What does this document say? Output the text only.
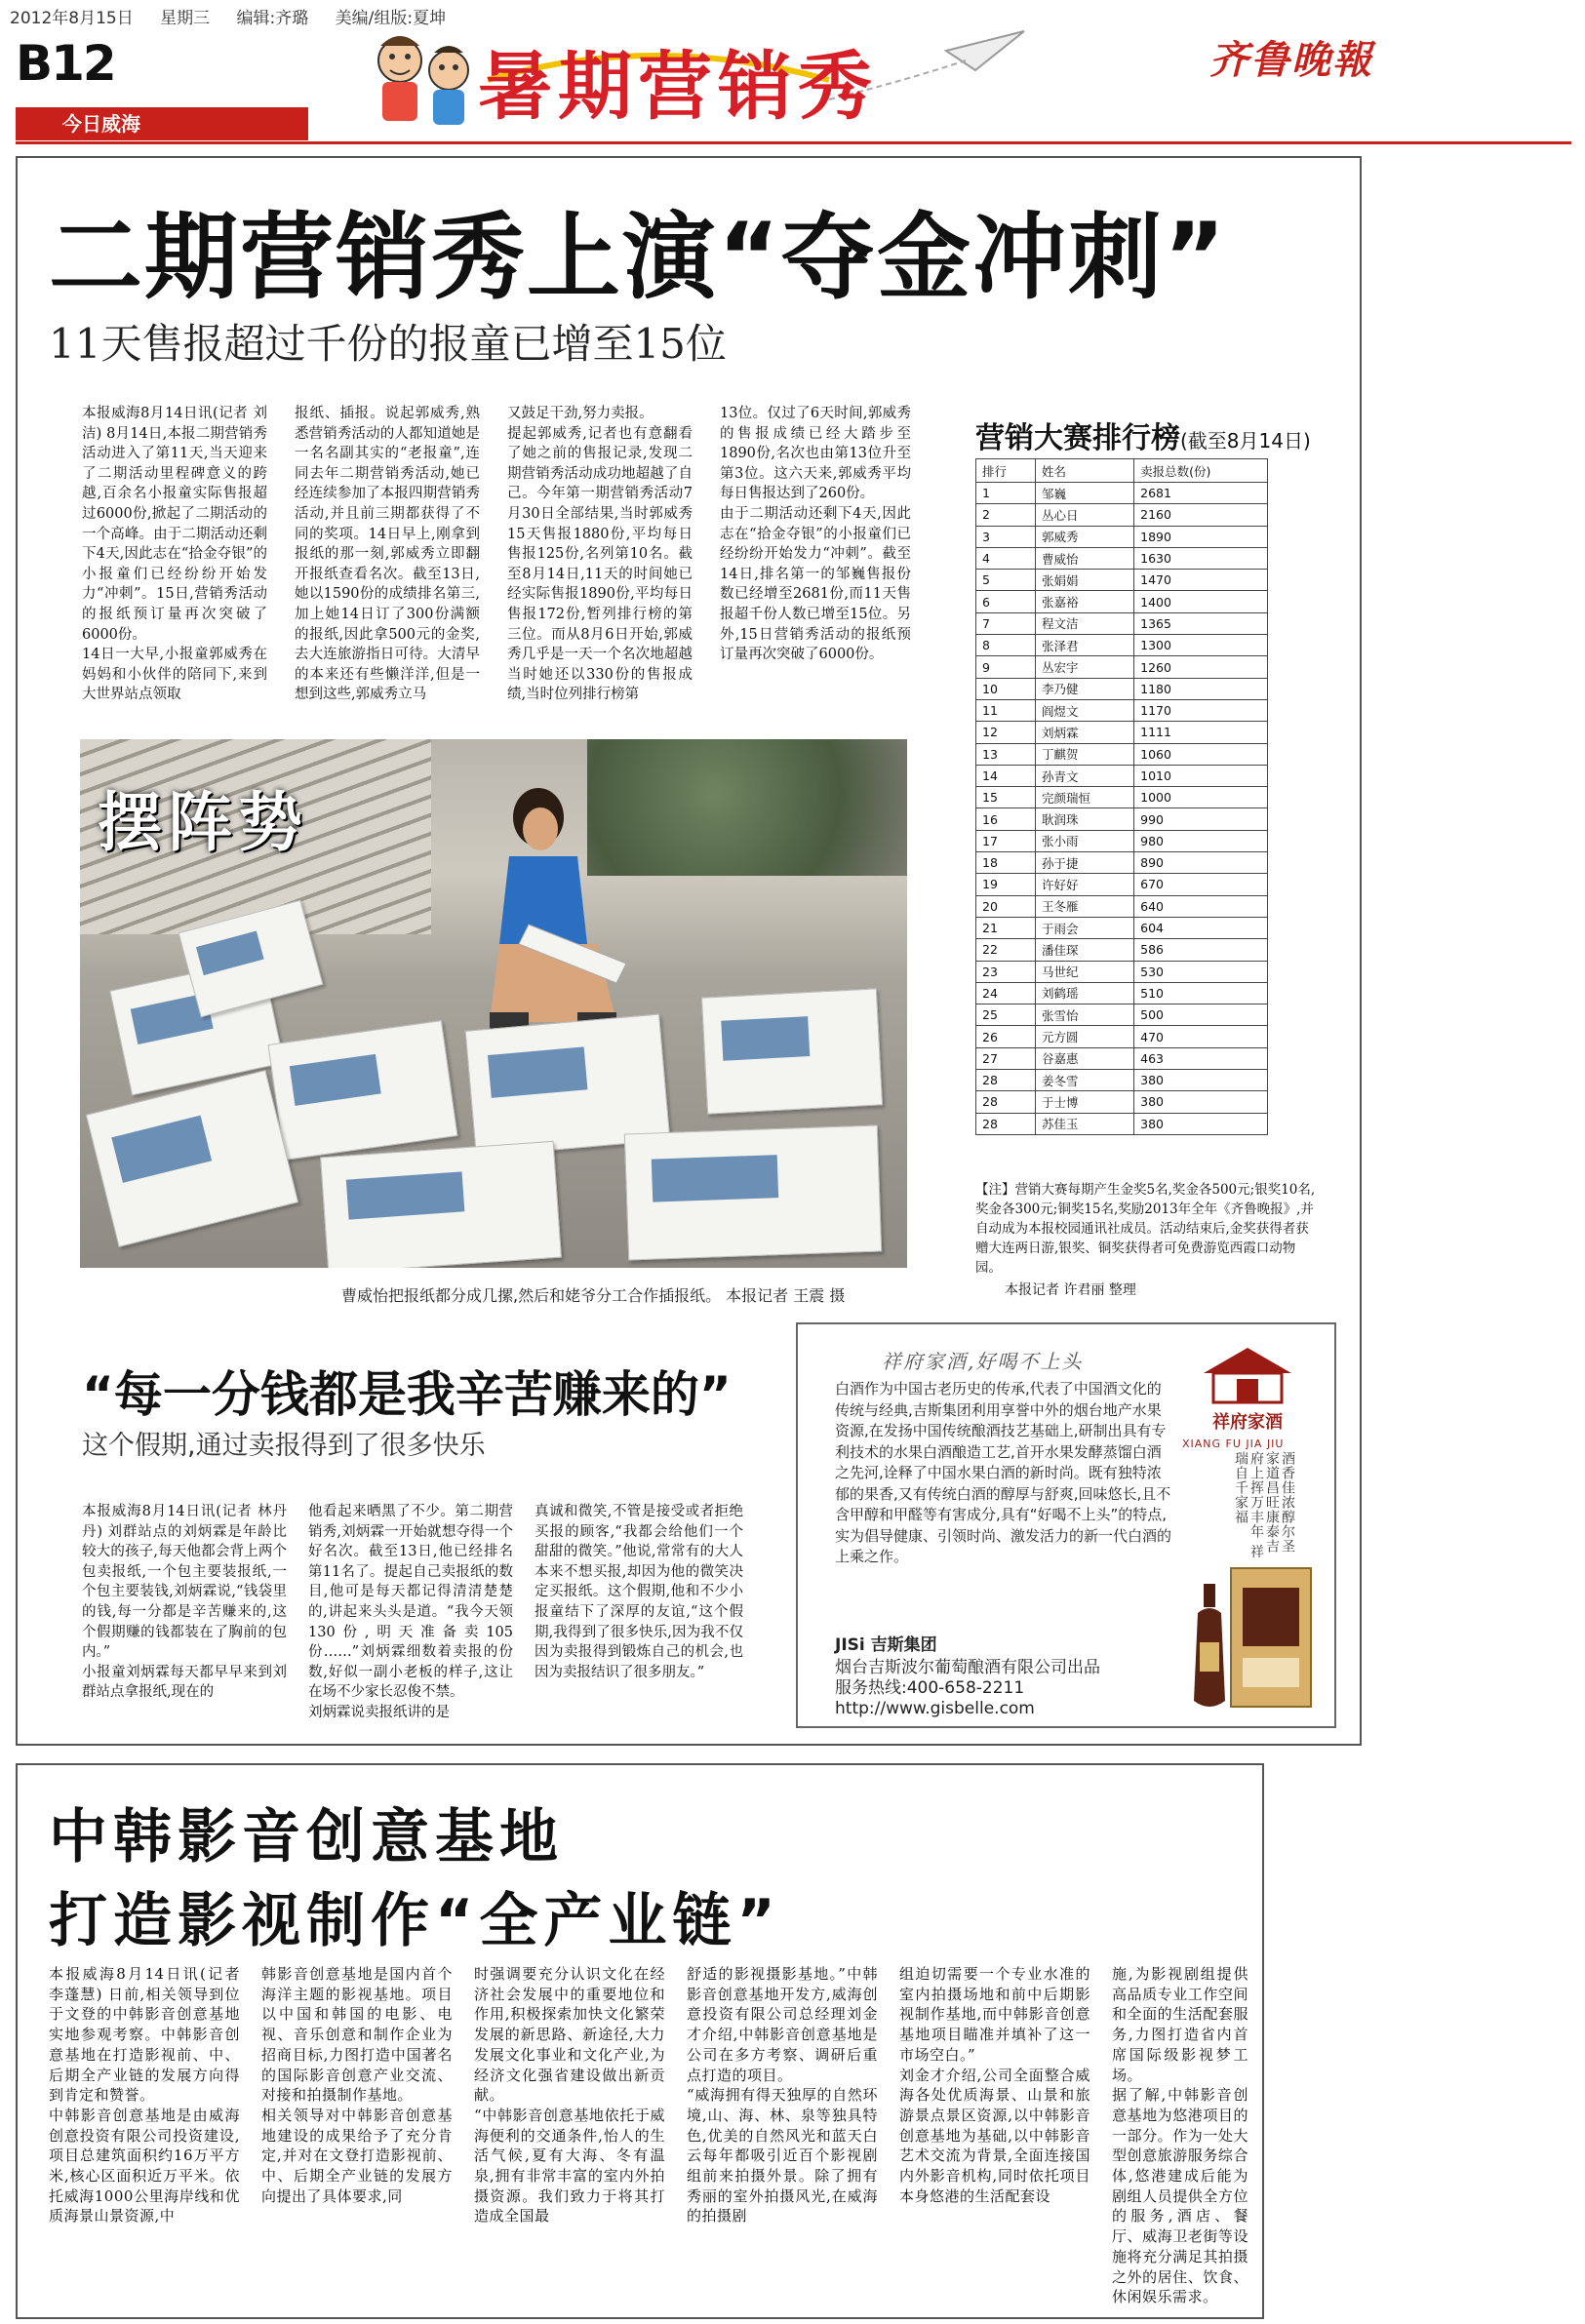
2012年8月15日 星期三 编辑:齐璐 美编/组版:夏坤
B12
今日威海	暑期营销秀	齐鲁晚報
二期营销秀上演“夺金冲刺”
11天售报超过千份的报童已增至15位
本报威海8月14日讯(记者 刘洁) 8月14日,本报二期营销秀活动进入了第11天,当天迎来了二期活动里程碑意义的跨越,百余名小报童实际售报超过6000份,掀起了二期活动的一个高峰。由于二期活动还剩下4天,因此志在“拾金夺银”的小报童们已经纷纷开始发力“冲刺”。15日,营销秀活动的报纸预订量再次突破了6000份。
14日一大早,小报童郭威秀在妈妈和小伙伴的陪同下,来到大世界站点领取
报纸、插报。说起郭威秀,熟悉营销秀活动的人都知道她是一名名副其实的“老报童”,连同去年二期营销秀活动,她已经连续参加了本报四期营销秀活动,并且前三期都获得了不同的奖项。14日早上,刚拿到报纸的那一刻,郭威秀立即翻开报纸查看名次。截至13日,她以1590份的成绩排名第三,加上她14日订了300份满额的报纸,因此拿500元的金奖,去大连旅游指日可待。大清早的本来还有些懒洋洋,但是一想到这些,郭威秀立马
又鼓足干劲,努力卖报。
提起郭威秀,记者也有意翻看了她之前的售报记录,发现二期营销秀活动成功地超越了自己。今年第一期营销秀活动7月30日全部结果,当时郭威秀15天售报1880份,平均每日售报125份,名列第10名。截至8月14日,11天的时间她已经实际售报1890份,平均每日售报172份,暂列排行榜的第三位。而从8月6日开始,郭威秀几乎是一天一个名次地超越当时她还以330份的售报成绩,当时位列排行榜第
13位。仅过了6天时间,郭威秀的售报成绩已经大踏步至1890份,名次也由第13位升至第3位。这六天来,郭威秀平均每日售报达到了260份。
由于二期活动还剩下4天,因此志在“拾金夺银”的小报童们已经纷纷开始发力“冲刺”。截至14日,排名第一的邹巍售报份数已经增至2681份,而11天售报超千份人数已增至15位。另外,15日营销秀活动的报纸预订量再次突破了6000份。
摆阵势
曹威怡把报纸都分成几摞,然后和姥爷分工合作插报纸。 本报记者 王震 摄
营销大赛排行榜(截至8月14日)
排行	姓名	卖报总数(份)
1	邹巍	2681
2	丛心日	2160
3	郭威秀	1890
4	曹威怡	1630
5	张娟娟	1470
6	张嘉裕	1400
7	程文洁	1365
8	张泽君	1300
9	丛宏宇	1260
10	李乃健	1180
11	阎煜文	1170
12	刘炳霖	1111
13	丁麒贺	1060
14	孙青文	1010
15	完颜瑞恒	1000
16	耿润珠	990
17	张小雨	980
18	孙于捷	890
19	许好好	670
20	王冬雁	640
21	于雨会	604
22	潘佳琛	586
23	马世纪	530
24	刘鹤瑶	510
25	张雪怡	500
26	元方圆	470
27	谷嘉惠	463
28	姜冬雪	380
28	于士博	380
28	苏佳玉	380
【注】营销大赛每期产生金奖5名,奖金各500元;银奖10名,奖金各300元;铜奖15名,奖励2013年全年《齐鲁晚报》,并自动成为本报校园通讯社成员。活动结束后,金奖获得者获赠大连两日游,银奖、铜奖获得者可免费游览西霞口动物园。
本报记者 许君丽 整理
“每一分钱都是我辛苦赚来的”
这个假期,通过卖报得到了很多快乐
本报威海8月14日讯(记者 林丹丹) 刘群站点的刘炳霖是年龄比较大的孩子,每天他都会背上两个包卖报纸,一个包主要装报纸,一个包主要装钱,刘炳霖说,“钱袋里的钱,每一分都是辛苦赚来的,这个假期赚的钱都装在了胸前的包内。”
小报童刘炳霖每天都早早来到刘群站点拿报纸,现在的
他看起来晒黑了不少。第二期营销秀,刘炳霖一开始就想夺得一个好名次。截至13日,他已经排名第11名了。提起自己卖报纸的数目,他可是每天都记得清清楚楚的,讲起来头头是道。“我今天领130份,明天准备卖105份……”刘炳霖细数着卖报的份数,好似一副小老板的样子,这让在场不少家长忍俊不禁。
刘炳霖说卖报纸讲的是
真诚和微笑,不管是接受或者拒绝买报的顾客,“我都会给他们一个甜甜的微笑。”他说,常常有的大人本来不想买报,却因为他的微笑决定买报纸。这个假期,他和不少小报童结下了深厚的友谊,“这个假期,我得到了很多快乐,因为我不仅因为卖报得到锻炼自己的机会,也因为卖报结识了很多朋友。”
祥府家酒,好喝不上头
白酒作为中国古老历史的传承,代表了中国酒文化的传统与经典,吉斯集团利用享誉中外的烟台地产水果资源,在发扬中国传统酿酒技艺基础上,研制出具有专利技术的水果白酒酿造工艺,首开水果发酵蒸馏白酒之先河,诠释了中国水果白酒的新时尚。既有独特浓郁的果香,又有传统白酒的醇厚与舒爽,回味悠长,且不含甲醇和甲醛等有害成分,具有“好喝不上头”的特点,实为倡导健康、引领时尚、激发活力的新一代白酒的上乘之作。
祥府家酒
XIANG FU JIA JIU
酒香佳浓醇尔圣 家道昌旺康泰吉 府上挥万丰年 祥瑞自千家福
JISi 吉斯集团
烟台吉斯波尔葡萄酿酒有限公司出品
服务热线:400-658-2211
http://www.gisbelle.com
中韩影音创意基地
打造影视制作“全产业链”
本报威海8月14日讯(记者 李蓬慧) 日前,相关领导到位于文登的中韩影音创意基地实地参观考察。中韩影音创意基地在打造影视前、中、后期全产业链的发展方向得到肯定和赞誉。
中韩影音创意基地是由威海创意投资有限公司投资建设,项目总建筑面积约16万平方米,核心区面积近万平米。依托威海1000公里海岸线和优质海景山景资源,中
韩影音创意基地是国内首个海洋主题的影视基地。项目以中国和韩国的电影、电视、音乐创意和制作企业为招商目标,力图打造中国著名的国际影音创意产业交流、对接和拍摄制作基地。
相关领导对中韩影音创意基地建设的成果给予了充分肯定,并对在文登打造影视前、中、后期全产业链的发展方向提出了具体要求,同
时强调要充分认识文化在经济社会发展中的重要地位和作用,积极探索加快文化繁荣发展的新思路、新途径,大力发展文化事业和文化产业,为经济文化强省建设做出新贡献。
“中韩影音创意基地依托于威海便利的交通条件,怡人的生活气候,夏有大海、冬有温泉,拥有非常丰富的室内外拍摄资源。我们致力于将其打造成全国最
舒适的影视摄影基地。”中韩影音创意基地开发方,威海创意投资有限公司总经理刘金才介绍,中韩影音创意基地是公司在多方考察、调研后重点打造的项目。
“威海拥有得天独厚的自然环境,山、海、林、泉等独具特色,优美的自然风光和蓝天白云每年都吸引近百个影视剧组前来拍摄外景。除了拥有秀丽的室外拍摄风光,在威海的拍摄剧
组迫切需要一个专业水准的室内拍摄场地和前中后期影视制作基地,而中韩影音创意基地项目瞄准并填补了这一市场空白。”
刘金才介绍,公司全面整合威海各处优质海景、山景和旅游景点景区资源,以中韩影音创意基地为基础,以中韩影音艺术交流为背景,全面连接国内外影音机构,同时依托项目本身悠港的生活配套设
施,为影视剧组提供高品质专业工作空间和全面的生活配套服务,力图打造省内首席国际级影视梦工场。
据了解,中韩影音创意基地为悠港项目的一部分。作为一处大型创意旅游服务综合体,悠港建成后能为剧组人员提供全方位的服务,酒店、餐厅、威海卫老街等设施将充分满足其拍摄之外的居住、饮食、休闲娱乐需求。
